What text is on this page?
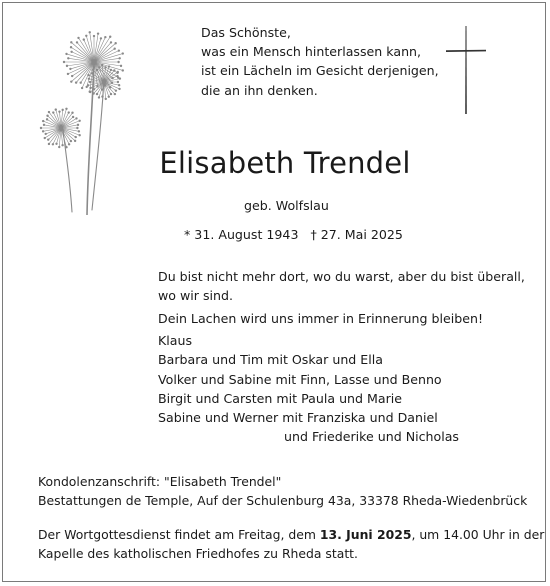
Das Schönste,
was ein Mensch hinterlassen kann,
ist ein Lächeln im Gesicht derjenigen,
die an ihn denken.
Elisabeth Trendel
geb. Wolfslau
* 31. August 1943 † 27. Mai 2025
Du bist nicht mehr dort, wo du warst, aber du bist überall,
wo wir sind.
Dein Lachen wird uns immer in Erinnerung bleiben!
Klaus
Barbara und Tim mit Oskar und Ella
Volker und Sabine mit Finn, Lasse und Benno
Birgit und Carsten mit Paula und Marie
Sabine und Werner mit Franziska und Daniel
und Friederike und Nicholas
Kondolenzanschrift: "Elisabeth Trendel"
Bestattungen de Temple, Auf der Schulenburg 43a, 33378 Rheda-Wiedenbrück
Der Wortgottesdienst findet am Freitag, dem 13. Juni 2025, um 14.00 Uhr in der
Kapelle des katholischen Friedhofes zu Rheda statt.
